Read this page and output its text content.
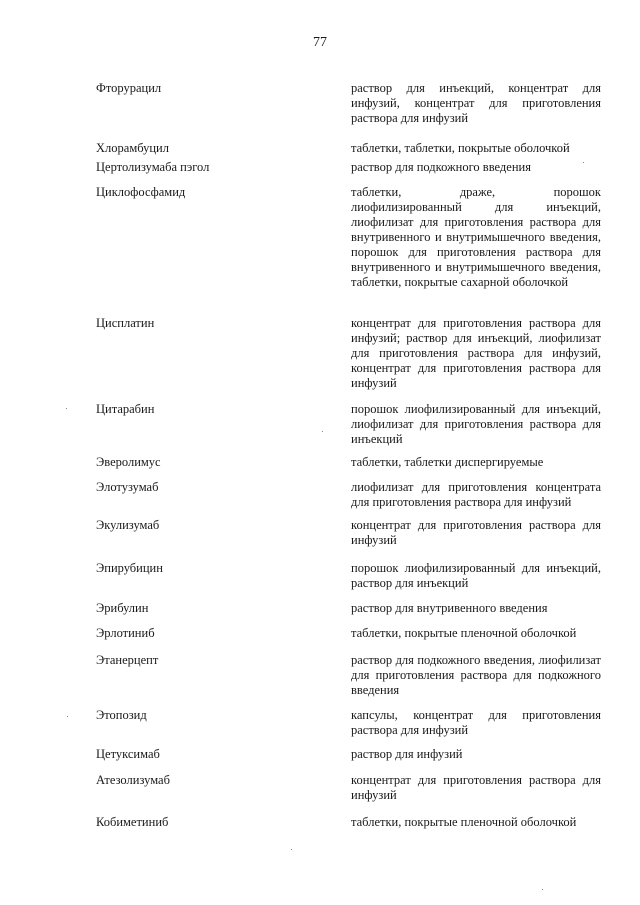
77
Фторурацил	раствор для инъекций, концентрат для инфузий, концентрат для приготовления раствора для инфузий
Хлорамбуцил	таблетки, таблетки, покрытые оболочкой
Цертолизумаба пэгол	раствор для подкожного введения
Циклофосфамид	таблетки, драже, порошок лиофилизированный для инъекций, лиофилизат для приготовления раствора для внутривенного и внутримышечного введения, порошок для приготовления раствора для внутривенного и внутримышечного введения, таблетки, покрытые сахарной оболочкой
Цисплатин	концентрат для приготовления раствора для инфузий; раствор для инъекций, лиофилизат для приготовления раствора для инфузий, концентрат для приготовления раствора для инфузий
Цитарабин	порошок лиофилизированный для инъекций, лиофилизат для приготовления раствора для инъекций
Эверолимус	таблетки, таблетки диспергируемые
Элотузумаб	лиофилизат для приготовления концентрата для приготовления раствора для инфузий
Экулизумаб	концентрат для приготовления раствора для инфузий
Эпирубицин	порошок лиофилизированный для инъекций, раствор для инъекций
Эрибулин	раствор для внутривенного введения
Эрлотиниб	таблетки, покрытые пленочной оболочкой
Этанерцепт	раствор для подкожного введения, лиофилизат для приготовления раствора для подкожного введения
Этопозид	капсулы, концентрат для приготовления раствора для инфузий
Цетуксимаб	раствор для инфузий
Атезолизумаб	концентрат для приготовления раствора для инфузий
Кобиметиниб	таблетки, покрытые пленочной оболочкой
